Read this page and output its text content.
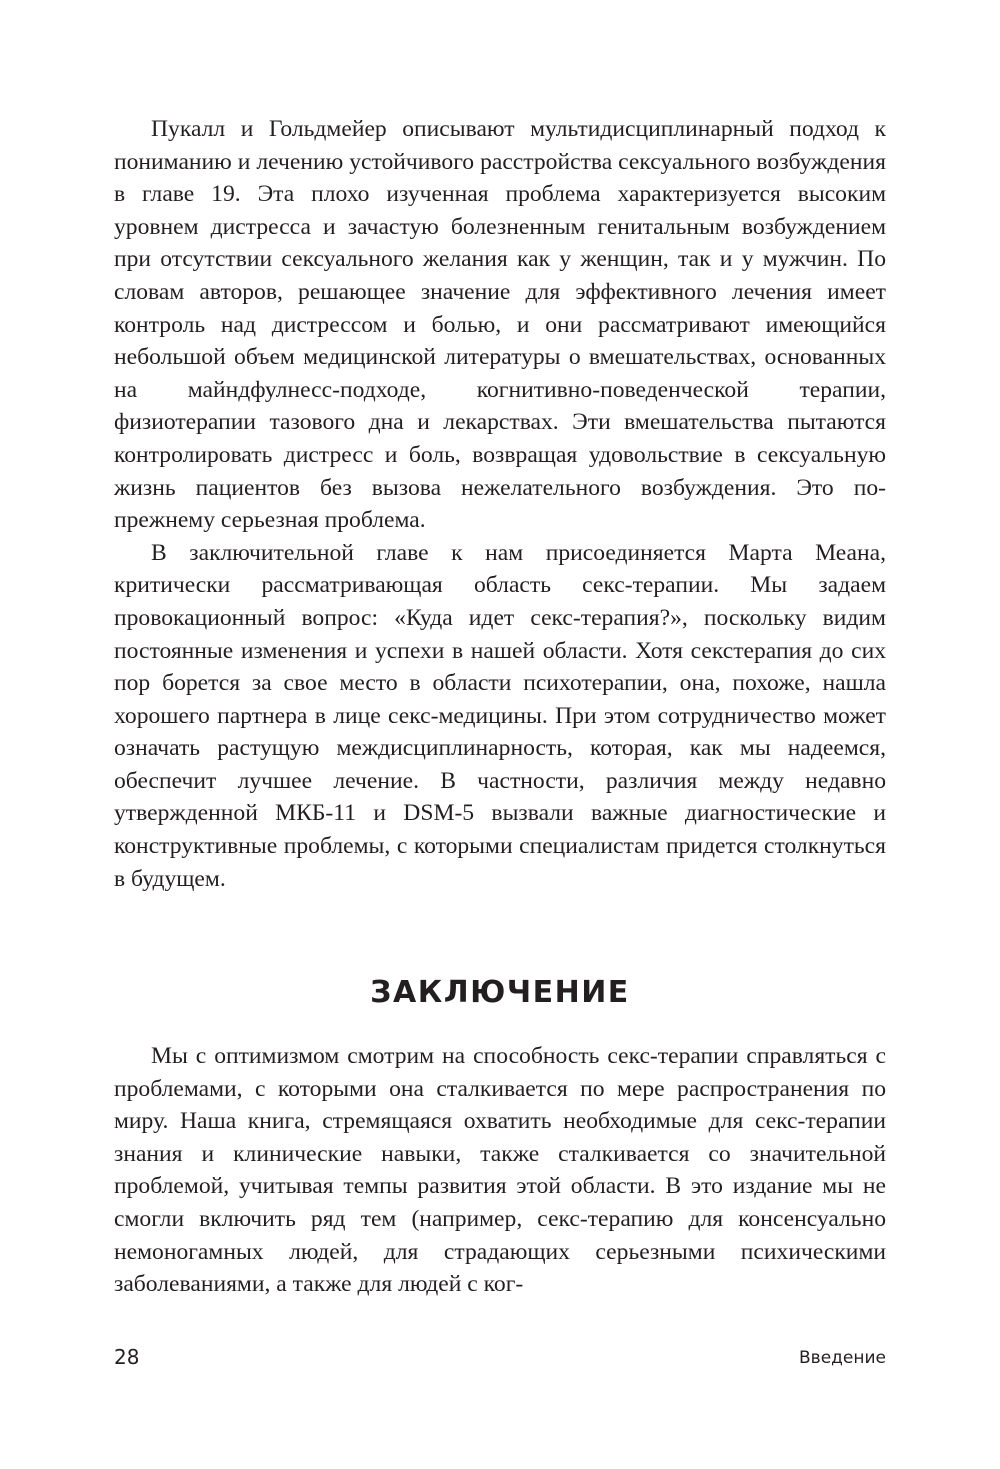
Пукалл и Гольдмейер описывают мультидисциплинарный подход к пониманию и лечению устойчивого расстройства сексуального возбуждения в главе 19. Эта плохо изученная проблема характеризуется высоким уровнем дистресса и зачастую болезненным генитальным возбуждением при отсутствии сексуального желания как у женщин, так и у мужчин. По словам авторов, решающее значение для эффективного лечения имеет контроль над дистрессом и болью, и они рассматривают имеющийся небольшой объем медицинской литературы о вмешательствах, основанных на майндфулнесс-подходе, когнитивно-поведенческой терапии, физиотерапии тазового дна и лекарствах. Эти вмешательства пытаются контролировать дистресс и боль, возвращая удовольствие в сексуальную жизнь пациентов без вызова нежелательного возбуждения. Это по-прежнему серьезная проблема.

В заключительной главе к нам присоединяется Марта Меана, критически рассматривающая область секс-терапии. Мы задаем провокационный вопрос: «Куда идет секс-терапия?», поскольку видим постоянные изменения и успехи в нашей области. Хотя секстерапия до сих пор борется за свое место в области психотерапии, она, похоже, нашла хорошего партнера в лице секс-медицины. При этом сотрудничество может означать растущую междисциплинарность, которая, как мы надеемся, обеспечит лучшее лечение. В частности, различия между недавно утвержденной МКБ-11 и DSM-5 вызвали важные диагностические и конструктивные проблемы, с которыми специалистам придется столкнуться в будущем.

ЗАКЛЮЧЕНИЕ

Мы с оптимизмом смотрим на способность секс-терапии справляться с проблемами, с которыми она сталкивается по мере распространения по миру. Наша книга, стремящаяся охватить необходимые для секс-терапии знания и клинические навыки, также сталкивается со значительной проблемой, учитывая темпы развития этой области. В это издание мы не смогли включить ряд тем (например, секс-терапию для консенсуально немоногамных людей, для страдающих серьезными психическими заболеваниями, а также для людей с ког-

28	Введение
